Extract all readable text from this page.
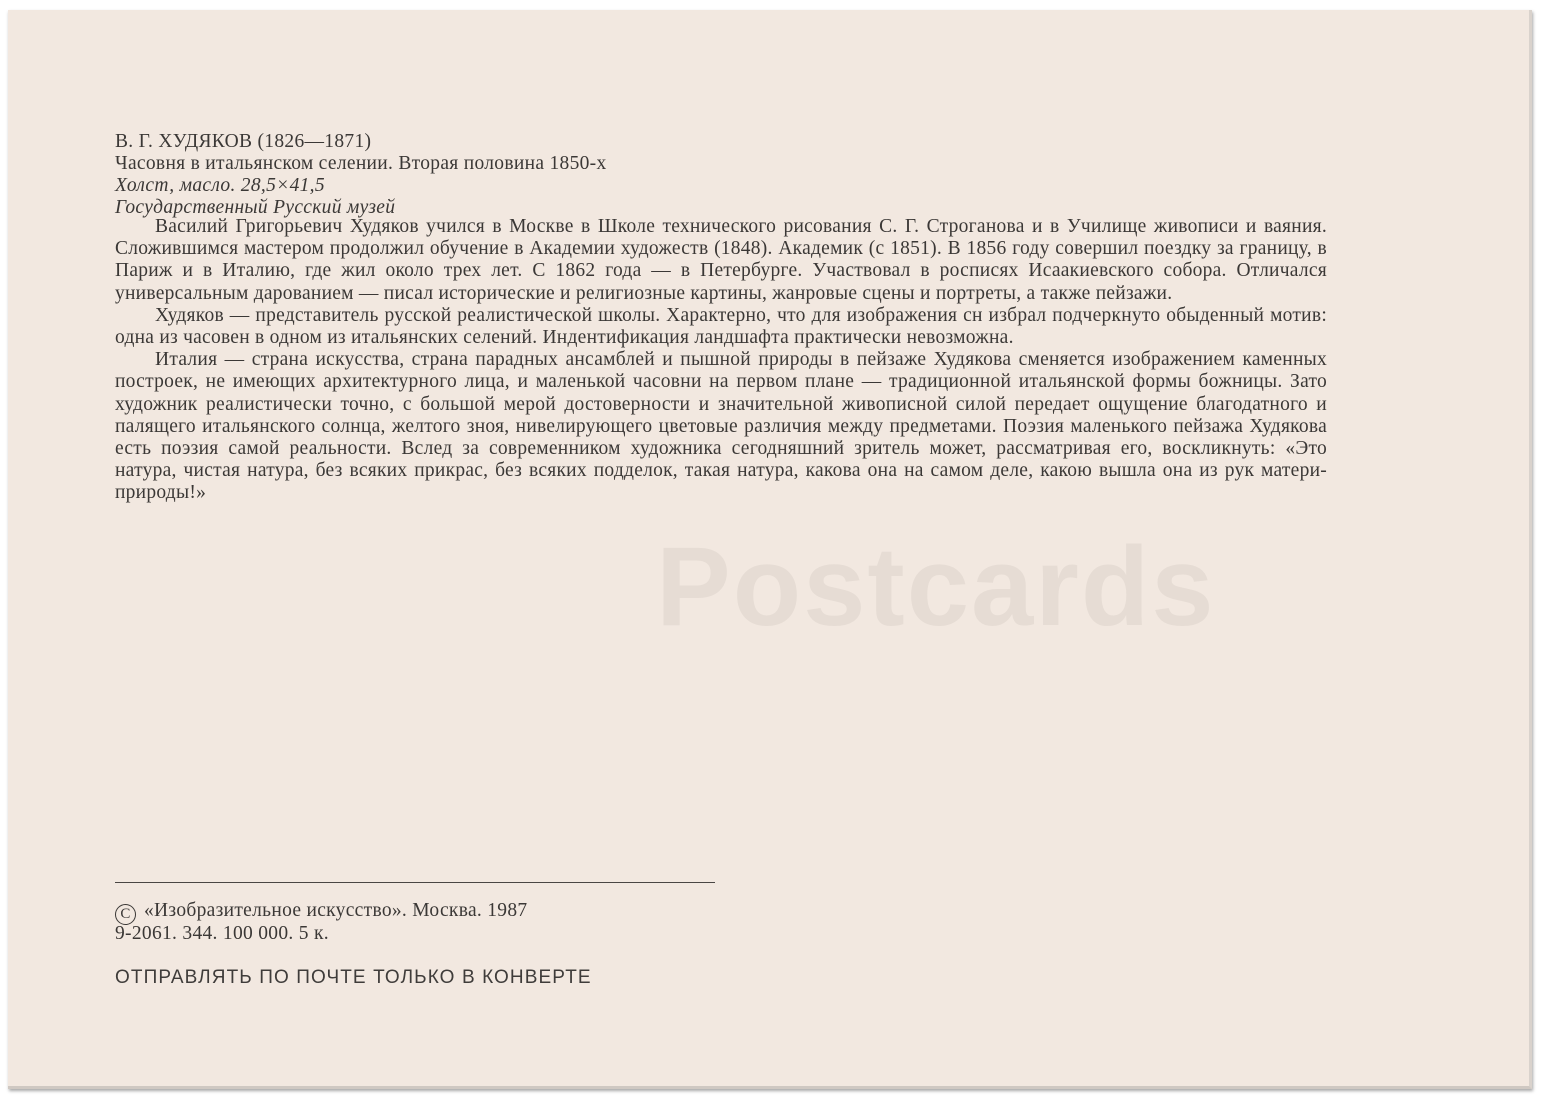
Postcards
В. Г. ХУДЯКОВ (1826—1871)
Часовня в итальянском селении. Вторая половина 1850-х
Холст, масло. 28,5×41,5
Государственный Русский музей

Василий Григорьевич Худяков учился в Москве в Школе технического рисования С. Г. Строганова и в Училище живописи и ваяния. Сложившимся мастером продолжил обучение в Академии художеств (1848). Академик (с 1851). В 1856 году совершил поездку за границу, в Париж и в Италию, где жил около трех лет. С 1862 года — в Петербурге. Участвовал в росписях Исаакиевского собора. Отличался универсальным дарованием — писал исторические и религиозные картины, жанровые сцены и портреты, а также пейзажи.

Худяков — представитель русской реалистической школы. Характерно, что для изображения сн избрал подчеркнуто обыденный мотив: одна из часовен в одном из итальянских селений. Индентификация ландшафта практически невозможна.

Италия — страна искусства, страна парадных ансамблей и пышной природы в пейзаже Худякова сменяется изображением каменных построек, не имеющих архитектурного лица, и маленькой часовни на первом плане — традиционной итальянской формы божницы. Зато художник реалистически точно, с большой мерой достоверности и значительной живописной силой передает ощущение благодатного и палящего итальянского солнца, желтого зноя, нивелирующего цветовые различия между предметами. Поэзия маленького пейзажа Худякова есть поэзия самой реальности. Вслед за современником художника сегодняшний зритель может, рассматривая его, воскликнуть: «Это натура, чистая натура, без всяких прикрас, без всяких подделок, такая натура, какова она на самом деле, какою вышла она из рук матери-природы!»

C «Изобразительное искусство». Москва. 1987
9-2061. 344. 100 000. 5 к.
ОТПРАВЛЯТЬ ПО ПОЧТЕ ТОЛЬКО В КОНВЕРТЕ
